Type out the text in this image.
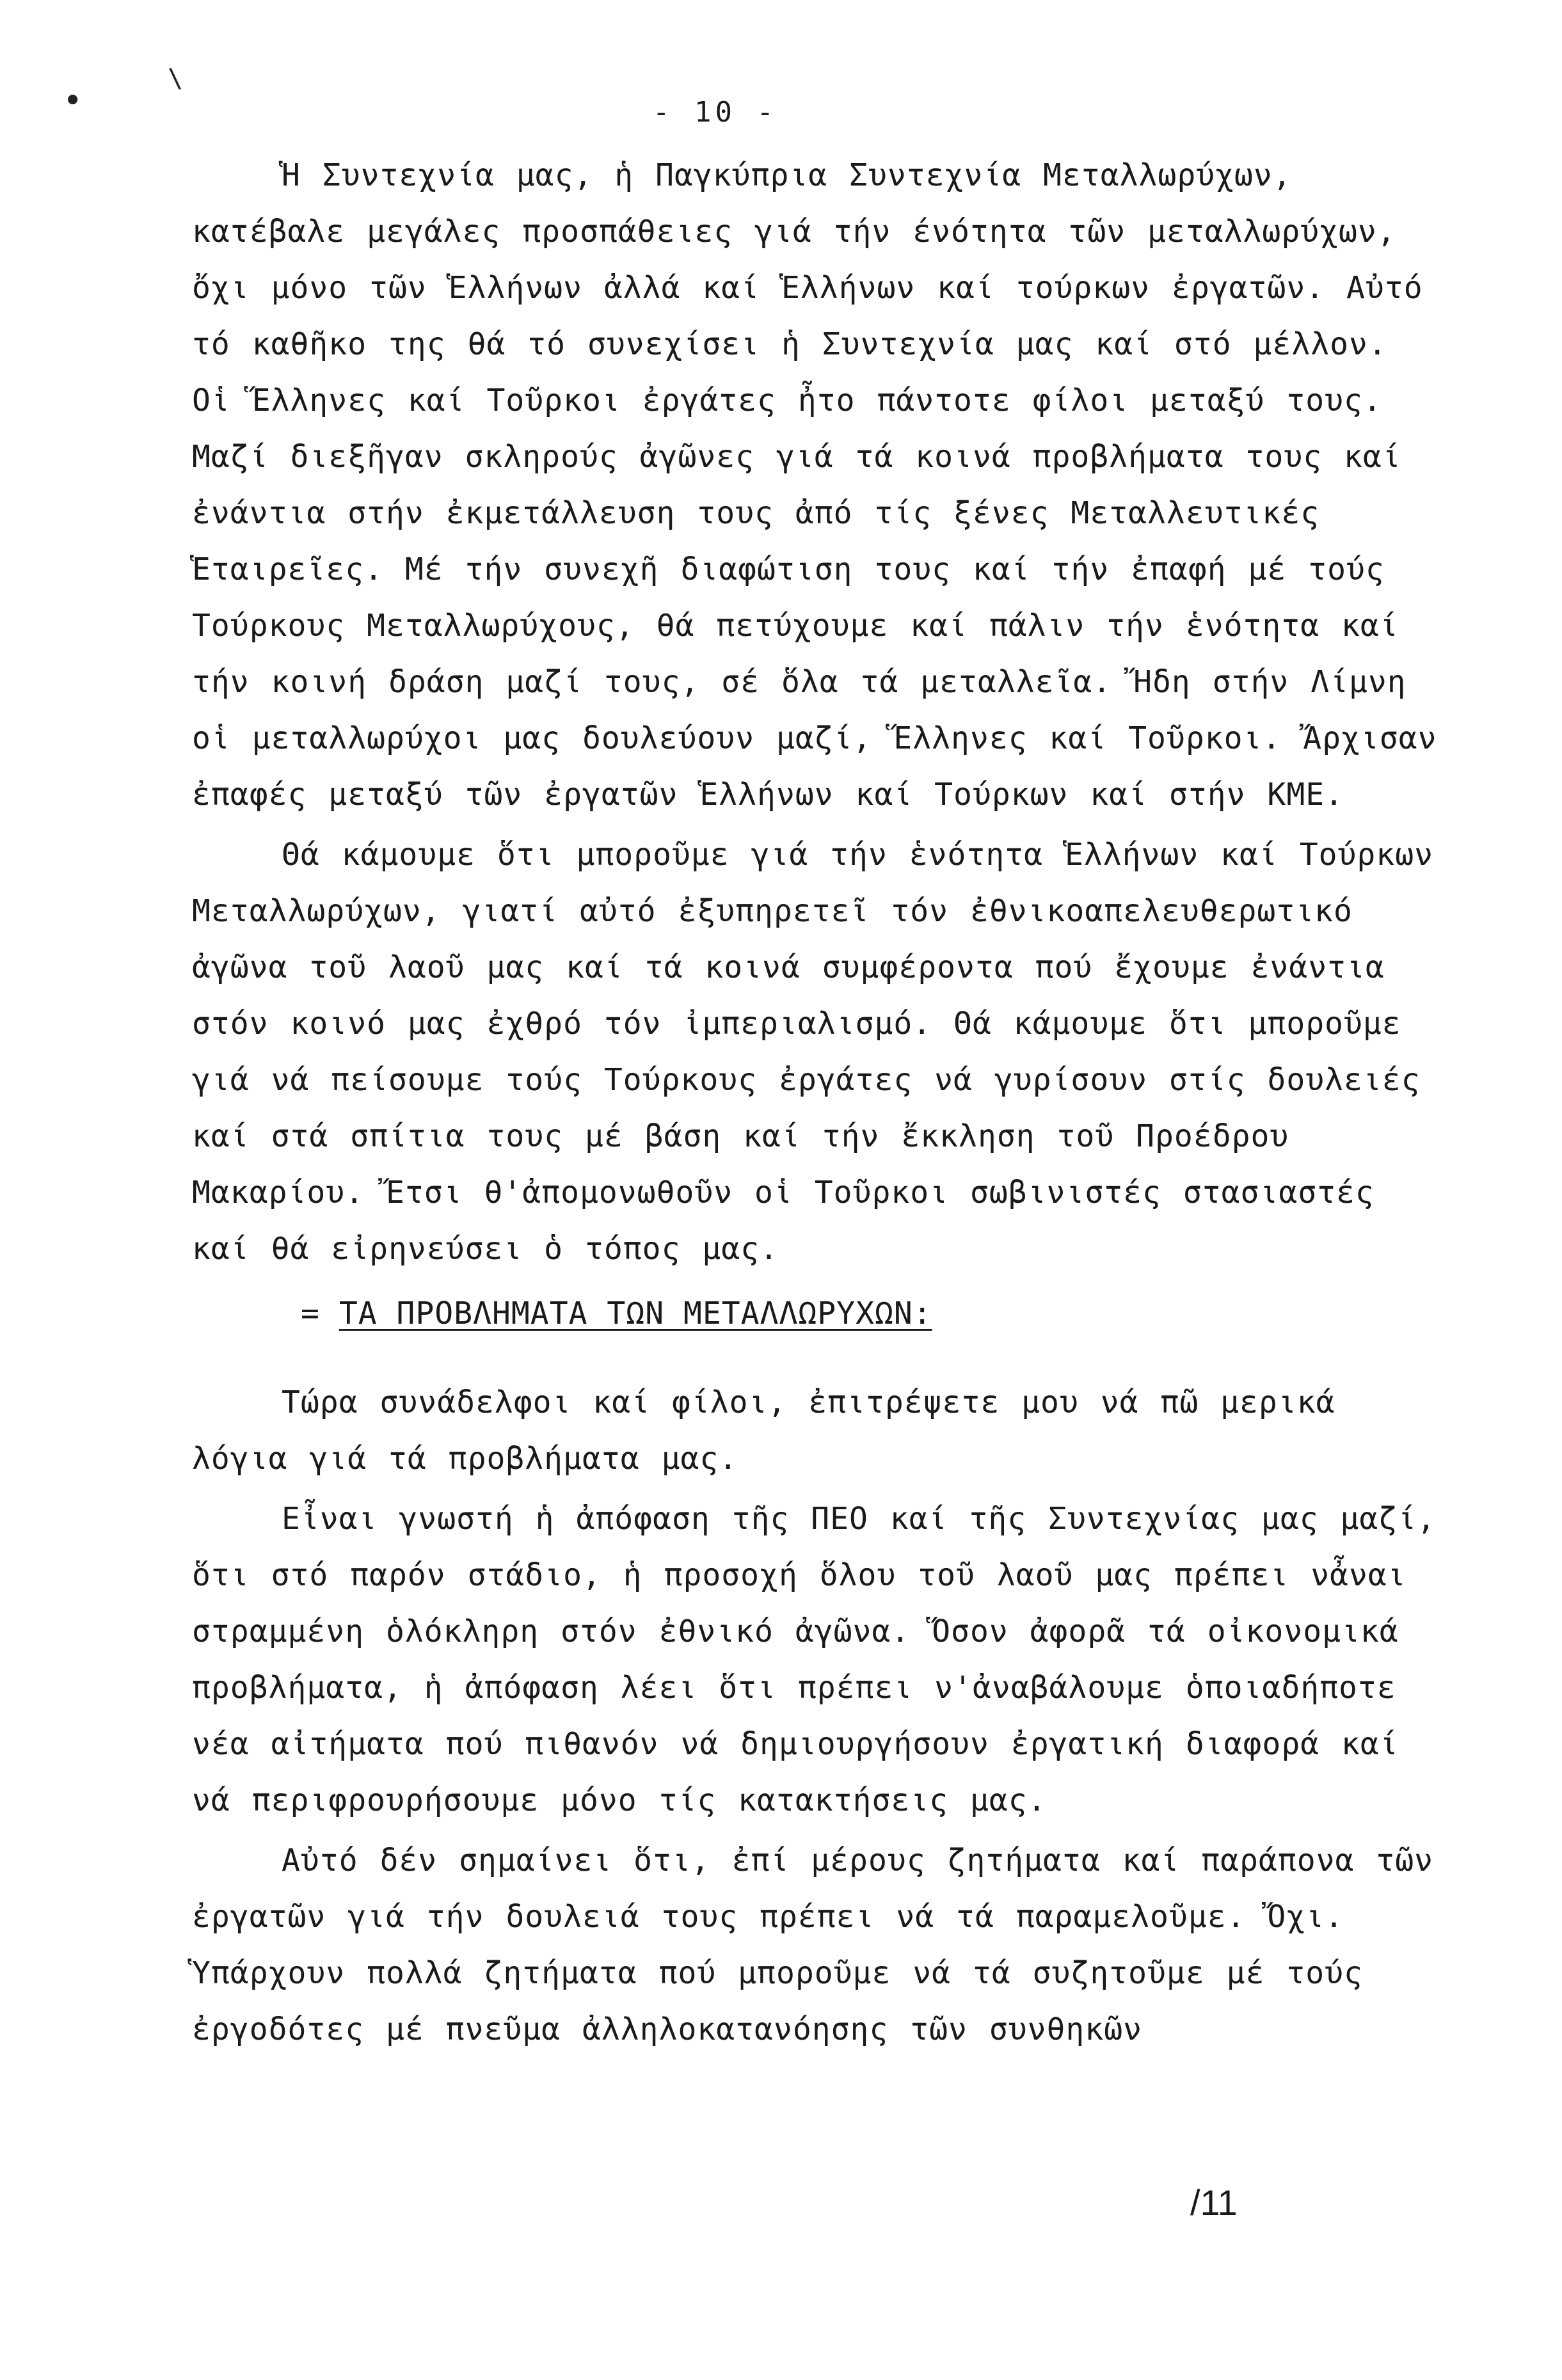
\
•	- 10 -

Ἡ Συντεχνία μας, ἡ Παγκύπρια Συντεχνία Μεταλλωρύχων, κατέβαλε μεγάλες προσπάθειες γιά τήν ένότητα τῶν μεταλλωρύχων, ὄχι μόνο τῶν Ἑλλήνων ἀλλά καί Ἑλλήνων καί τούρκων ἐργατῶν. Αὐτό τό καθῆκο της θά τό συνεχίσει ἡ Συντεχνία μας καί στό μέλλον. Οἱ Ἕλληνες καί Τοῦρκοι ἐργάτες ἦτο πάντοτε φίλοι μεταξύ τους. Μαζί διεξῆγαν σκληρούς ἀγῶνες γιά τά κοινά προβλήματα τους καί ἐνάντια στήν ἐκμετάλλευση τους ἀπό τίς ξένες Μεταλλευτικές Ἑταιρεῖες. Μέ τήν συνεχῆ διαφώτιση τους καί τήν ἐπαφή μέ τούς Τούρκους Μεταλλωρύχους, θά πετύχουμε καί πάλιν τήν ἑνότητα καί τήν κοινή δράση μαζί τους, σέ ὅλα τά μεταλλεῖα. Ἤδη στήν Λίμνη οἱ μεταλλωρύχοι μας δουλεύουν μαζί, Ἕλληνες καί Τοῦρκοι. Ἄρχισαν ἐπαφές μεταξύ τῶν ἐργατῶν Ἑλλήνων καί Τούρκων καί στήν ΚΜΕ.

Θά κάμουμε ὅτι μποροῦμε γιά τήν ἑνότητα Ἑλλήνων καί Τούρκων Μεταλλωρύχων, γιατί αὐτό ἐξυπηρετεῖ τόν ἐθνικοαπελευθερωτικό ἀγῶνα τοῦ λαοῦ μας καί τά κοινά συμφέροντα πού ἔχουμε ἐνάντια στόν κοινό μας ἐχθρό τόν ἰμπεριαλισμό. Θά κάμουμε ὅτι μποροῦμε γιά νά πείσουμε τούς Τούρκους ἐργάτες νά γυρίσουν στίς δουλειές καί στά σπίτια τους μέ βάση καί τήν ἔκκληση τοῦ Προέδρου Μακαρίου. Ἔτσι θ'ἀπομονωθοῦν οἱ Τοῦρκοι σωβινιστές στασιαστές καί θά εἰρηνεύσει ὁ τόπος μας.

= ΤΑ ΠΡΟΒΛΗΜΑΤΑ ΤΩΝ ΜΕΤΑΛΛΩΡΥΧΩΝ:

Τώρα συνάδελφοι καί φίλοι, ἐπιτρέψετε μου νά πῶ μερικά λόγια γιά τά προβλήματα μας.

Εἶναι γνωστή ἡ ἀπόφαση τῆς ΠΕΟ καί τῆς Συντεχνίας μας μαζί, ὅτι στό παρόν στάδιο, ἡ προσοχή ὅλου τοῦ λαοῦ μας πρέπει νἆναι στραμμένη ὁλόκληρη στόν ἐθνικό ἀγῶνα. Ὅσον ἀφορᾶ τά οἰκονομικά προβλήματα, ἡ ἀπόφαση λέει ὅτι πρέπει ν'ἀναβάλουμε ὁποιαδήποτε νέα αἰτήματα πού πιθανόν νά δημιουργήσουν ἐργατική διαφορά καί νά περιφρουρήσουμε μόνο τίς κατακτήσεις μας.

Αὐτό δέν σημαίνει ὅτι, ἐπί μέρους ζητήματα καί παράπονα τῶν ἐργατῶν γιά τήν δουλειά τους πρέπει νά τά παραμελοῦμε. Ὄχι. Ὑπάρχουν πολλά ζητήματα πού μποροῦμε νά τά συζητοῦμε μέ τούς ἐργοδότες μέ πνεῦμα ἀλληλοκατανόησης τῶν συνθηκῶν

/11
